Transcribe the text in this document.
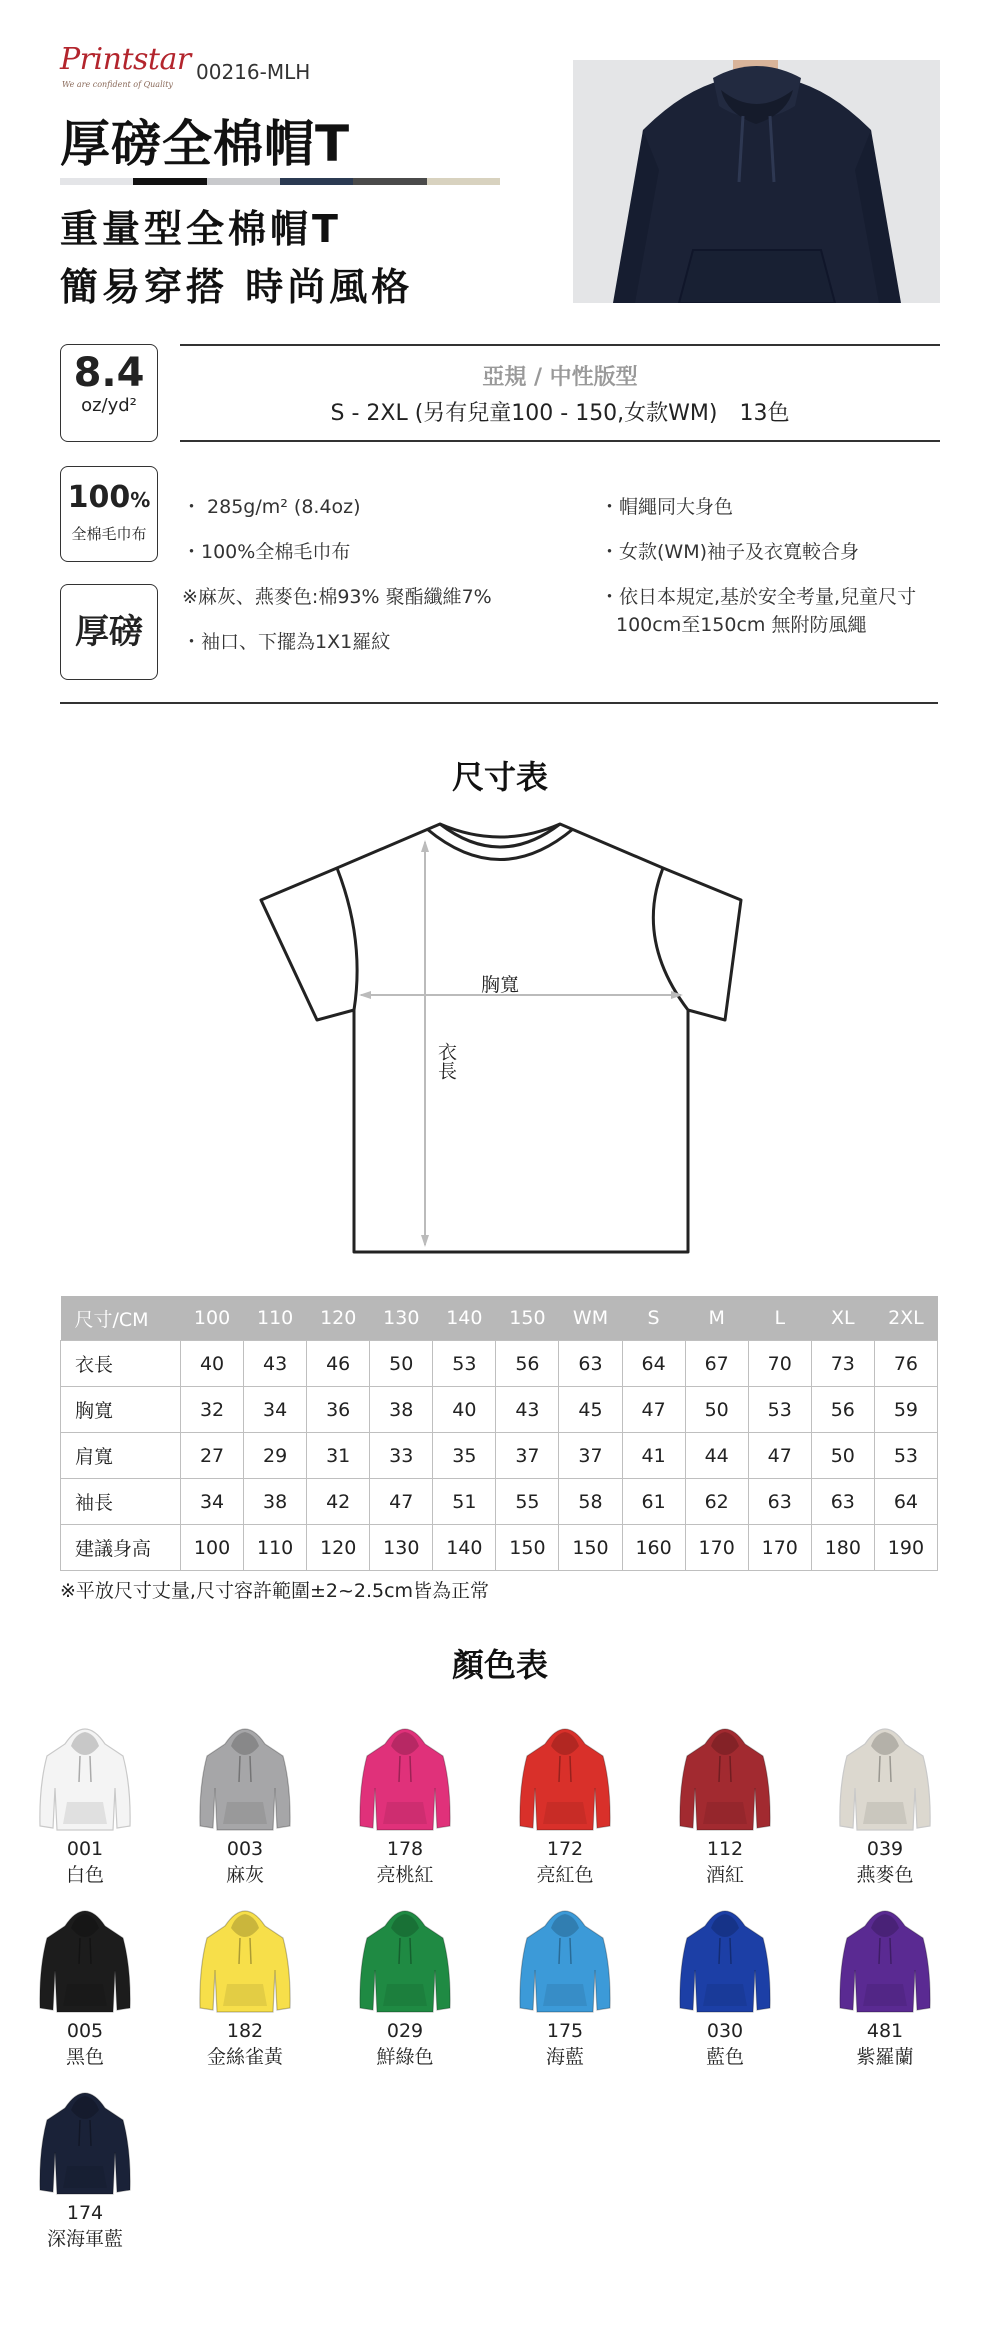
Printstar
We are confident of Quality
00216-MLH
厚磅全棉帽T
重量型全棉帽T
簡易穿搭 時尚風格
8.4
oz/yd²
亞規 / 中性版型
S - 2XL (另有兒童100 - 150,女款WM)　13色
100%
全棉毛巾布
厚磅
・ 285g/m² (8.4oz)
・100%全棉毛巾布
※麻灰、燕麥色:棉93% 聚酯纖維7%
・袖口、下擺為1X1羅紋
・帽繩同大身色
・女款(WM)袖子及衣寬較合身
・依日本規定,基於安全考量,兒童尺寸
100cm至150cm 無附防風繩
尺寸表
胸寬
衣長
尺寸/CM	100	110	120	130	140	150	WM	S	M	L	XL	2XL
衣長	40	43	46	50	53	56	63	64	67	70	73	76
胸寬	32	34	36	38	40	43	45	47	50	53	56	59
肩寬	27	29	31	33	35	37	37	41	44	47	50	53
袖長	34	38	42	47	51	55	58	61	62	63	63	64
建議身高	100	110	120	130	140	150	150	160	170	170	180	190
※平放尺寸丈量,尺寸容許範圍±2~2.5cm皆為正常
顏色表
001
白色
003
麻灰
178
亮桃紅
172
亮紅色
112
酒紅
039
燕麥色
005
黑色
182
金絲雀黃
029
鮮綠色
175
海藍
030
藍色
481
紫羅蘭
174
深海軍藍
